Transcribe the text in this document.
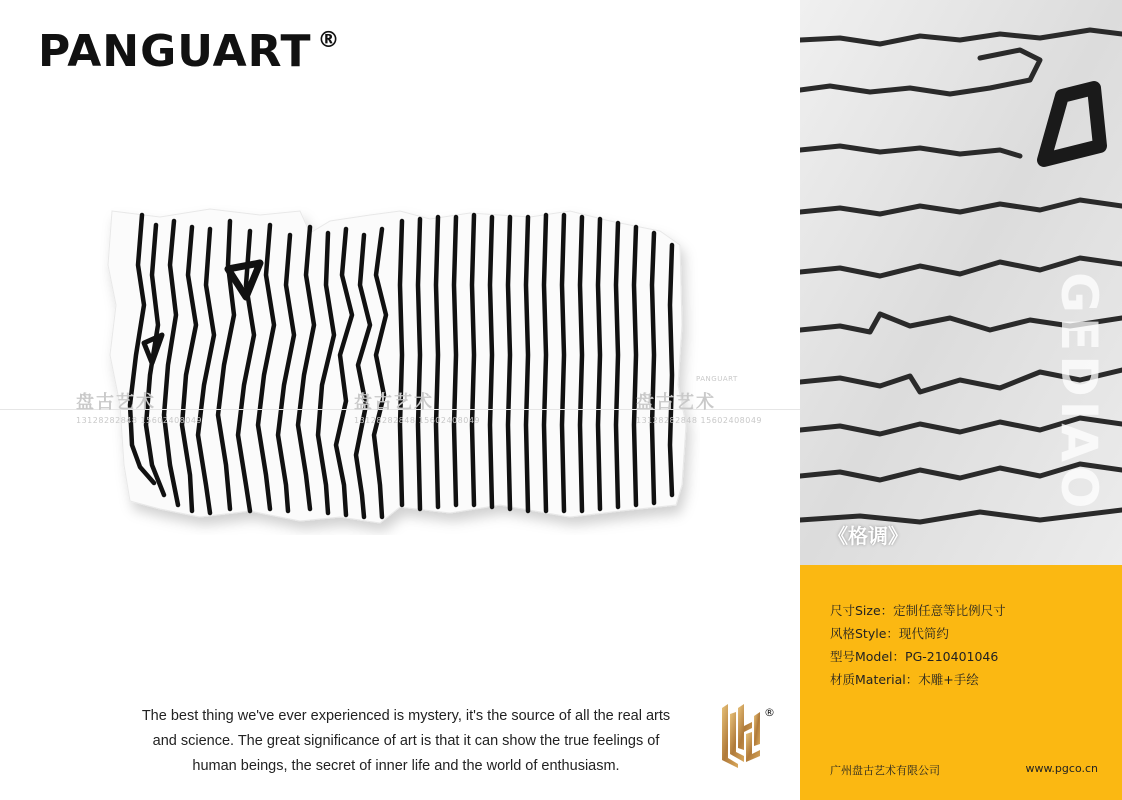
PANGUART ®
盘古艺术
13128282848 15602408049
盘古艺术
13128282848 15602408049
PANGUART
盘古艺术
13128282848 15602408049
The best thing we've ever experienced is mystery, it's the source of all the real arts
and science. The great significance of art is that it can show the true feelings of
human beings, the secret of inner life and the world of enthusiasm.
®
GEDIAO
《格调》
尺寸Size：定制任意等比例尺寸
风格Style：现代简约
型号Model：PG-210401046
材质Material：木雕+手绘
广州盘古艺术有限公司	www.pgco.cn
